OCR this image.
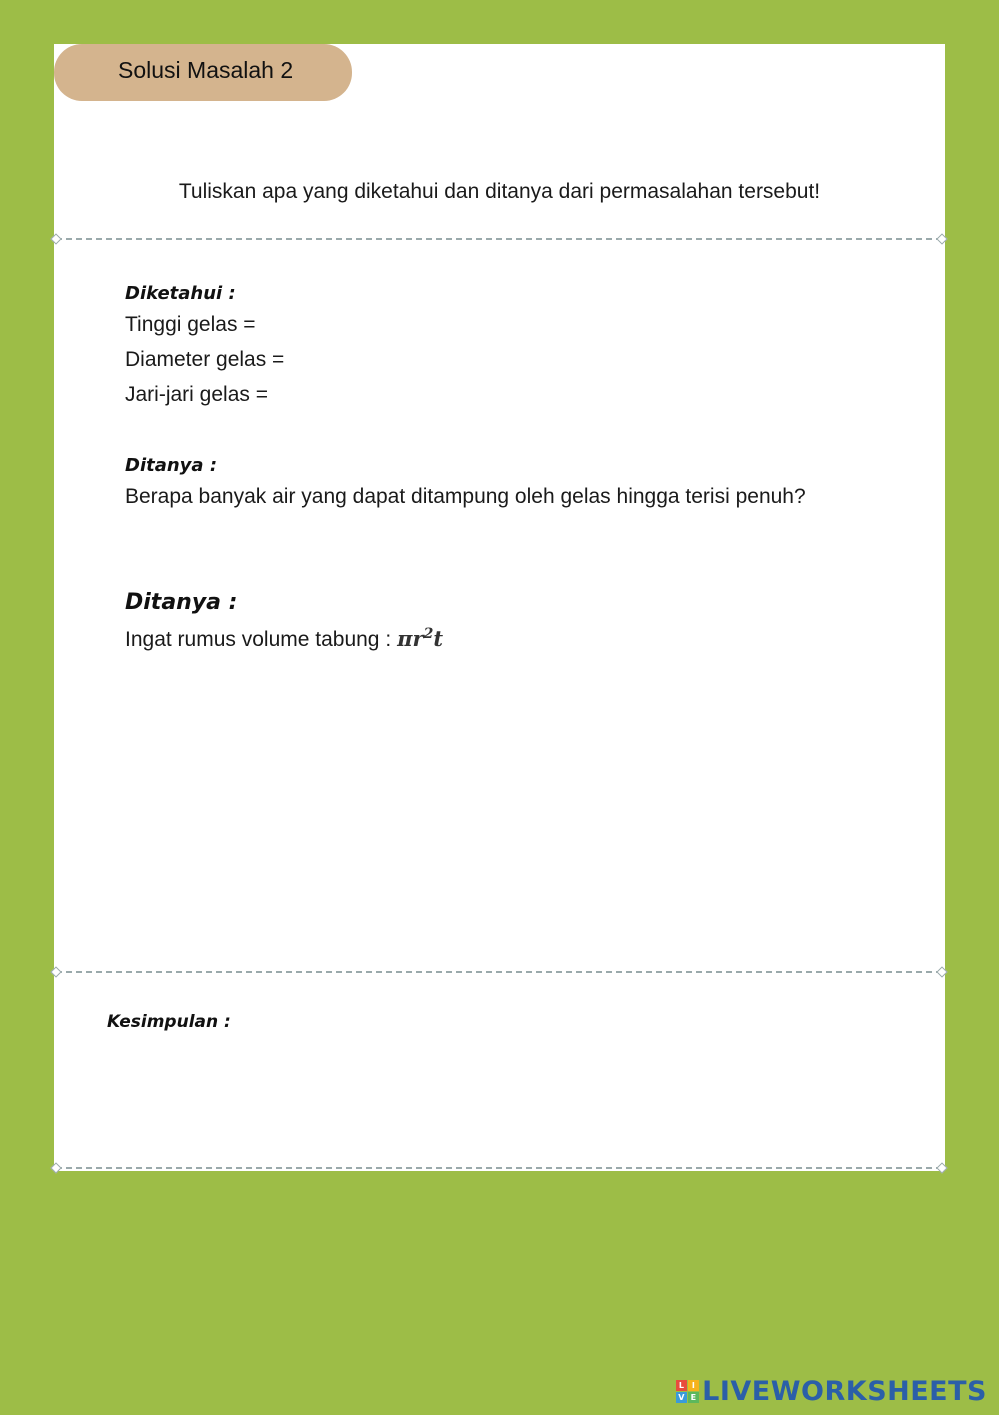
Solusi Masalah 2
Tuliskan apa yang diketahui dan ditanya dari permasalahan tersebut!
Diketahui :
Tinggi gelas =
Diameter gelas =
Jari-jari gelas =
Ditanya :
Berapa banyak air yang dapat ditampung oleh gelas hingga terisi penuh?
Ditanya :
Ingat rumus volume tabung : $\pi r^2t$
Kesimpulan :
L I
V E LIVEWORKSHEETS
